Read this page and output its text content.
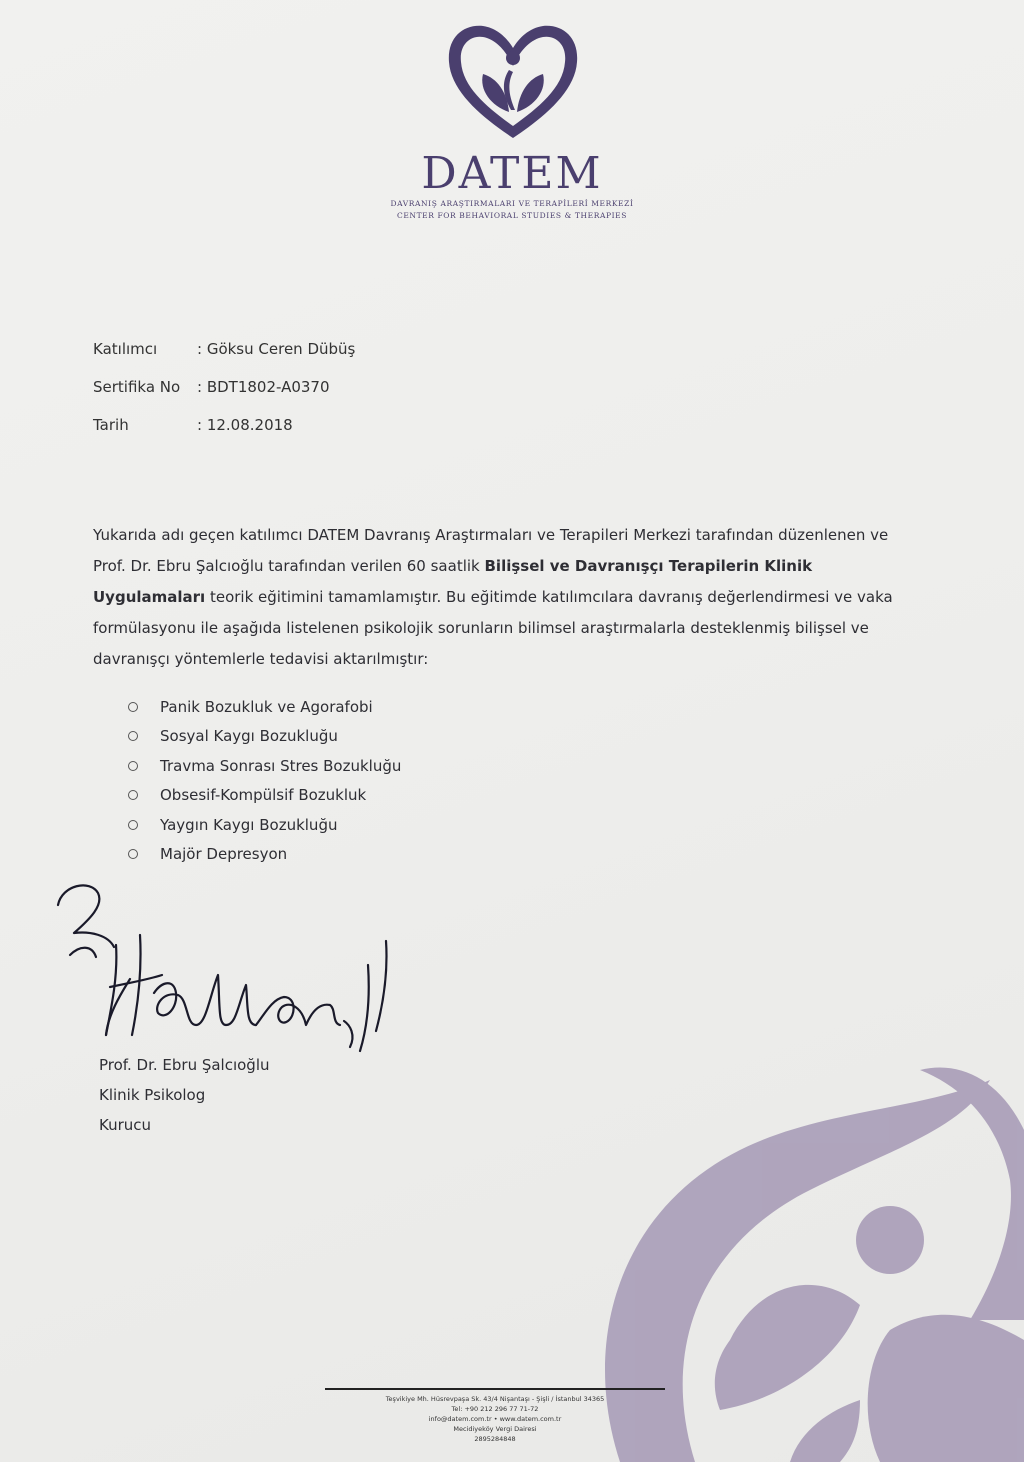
DATEM
DAVRANIŞ ARAŞTIRMALARI VE TERAPİLERİ MERKEZİ
CENTER FOR BEHAVIORAL STUDIES & THERAPIES
Katılımcı	: Göksu Ceren Dübüş
Sertifika No	: BDT1802-A0370
Tarih	: 12.08.2018
Yukarıda adı geçen katılımcı DATEM Davranış Araştırmaları ve Terapileri Merkezi tarafından düzenlenen ve Prof. Dr. Ebru Şalcıoğlu tarafından verilen 60 saatlik Bilişsel ve Davranışçı Terapilerin Klinik Uygulamaları teorik eğitimini tamamlamıştır. Bu eğitimde katılımcılara davranış değerlendirmesi ve vaka formülasyonu ile aşağıda listelenen psikolojik sorunların bilimsel araştırmalarla desteklenmiş bilişsel ve davranışçı yöntemlerle tedavisi aktarılmıştır:
Panik Bozukluk ve Agorafobi
Sosyal Kaygı Bozukluğu
Travma Sonrası Stres Bozukluğu
Obsesif-Kompülsif Bozukluk
Yaygın Kaygı Bozukluğu
Majör Depresyon
Prof. Dr. Ebru Şalcıoğlu
Klinik Psikolog
Kurucu
Teşvikiye Mh. Hüsrevpaşa Sk. 43/4 Nişantaşı - Şişli / İstanbul 34365
Tel: +90 212 296 77 71-72
info@datem.com.tr • www.datem.com.tr
Mecidiyeköy Vergi Dairesi
2895284848
